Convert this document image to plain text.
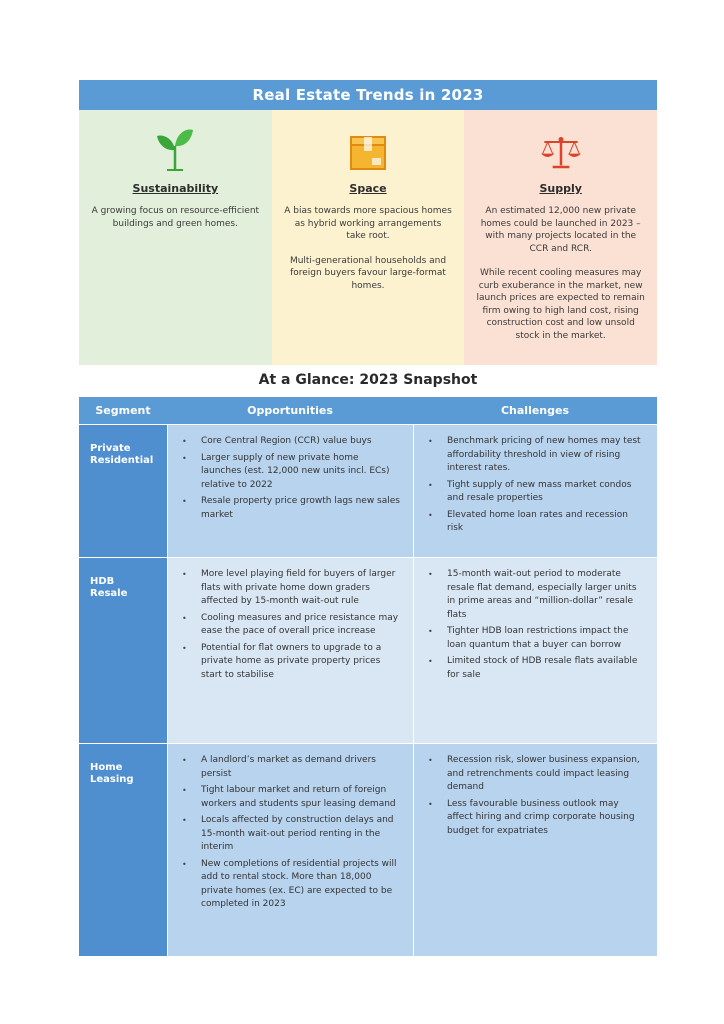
Real Estate Trends in 2023
Sustainability

A growing focus on resource-efficient buildings and green homes.

Space

A bias towards more spacious homes as hybrid working arrangements take root.

Multi-generational households and foreign buyers favour large-format homes.

Supply

An estimated 12,000 new private homes could be launched in 2023 – with many projects located in the CCR and RCR.

While recent cooling measures may curb exuberance in the market, new launch prices are expected to remain firm owing to high land cost, rising construction cost and low unsold stock in the market.

At a Glance: 2023 Snapshot
Segment	Opportunities	Challenges
Private
Residential
• Core Central Region (CCR) value buys
• Larger supply of new private home launches (est. 12,000 new units incl. ECs) relative to 2022
• Resale property price growth lags new sales market
• Benchmark pricing of new homes may test affordability threshold in view of rising interest rates.
• Tight supply of new mass market condos and resale properties
• Elevated home loan rates and recession risk
HDB
Resale
• More level playing field for buyers of larger flats with private home down graders affected by 15-month wait-out rule
• Cooling measures and price resistance may ease the pace of overall price increase
• Potential for flat owners to upgrade to a private home as private property prices start to stabilise
• 15-month wait-out period to moderate resale flat demand, especially larger units in prime areas and “million-dollar” resale flats
• Tighter HDB loan restrictions impact the loan quantum that a buyer can borrow
• Limited stock of HDB resale flats available for sale
Home
Leasing
• A landlord’s market as demand drivers persist
• Tight labour market and return of foreign workers and students spur leasing demand
• Locals affected by construction delays and 15-month wait-out period renting in the interim
• New completions of residential projects will add to rental stock. More than 18,000 private homes (ex. EC) are expected to be completed in 2023
• Recession risk, slower business expansion, and retrenchments could impact leasing demand
• Less favourable business outlook may affect hiring and crimp corporate housing budget for expatriates
